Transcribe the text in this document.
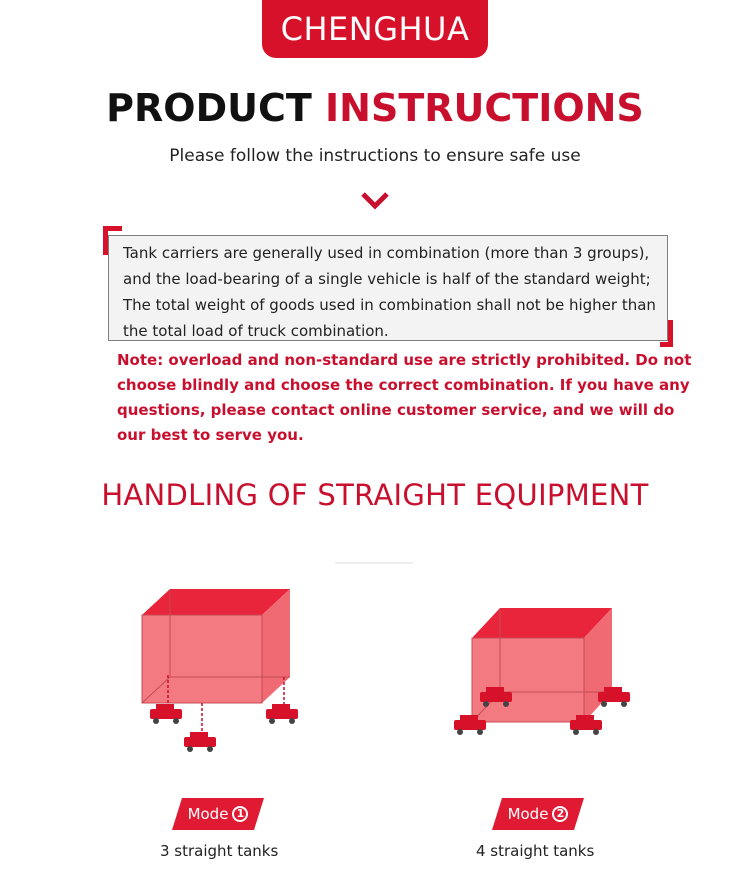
CHENGHUA
PRODUCT INSTRUCTIONS
Please follow the instructions to ensure safe use
Tank carriers are generally used in combination (more than 3 groups),
and the load-bearing of a single vehicle is half of the standard weight;
The total weight of goods used in combination shall not be higher than
the total load of truck combination.
Note: overload and non-standard use are strictly prohibited. Do not
choose blindly and choose the correct combination. If you have any
questions, please contact online customer service, and we will do
our best to serve you.
HANDLING OF STRAIGHT EQUIPMENT
Mode 1
3 straight tanks
Mode 2
4 straight tanks
